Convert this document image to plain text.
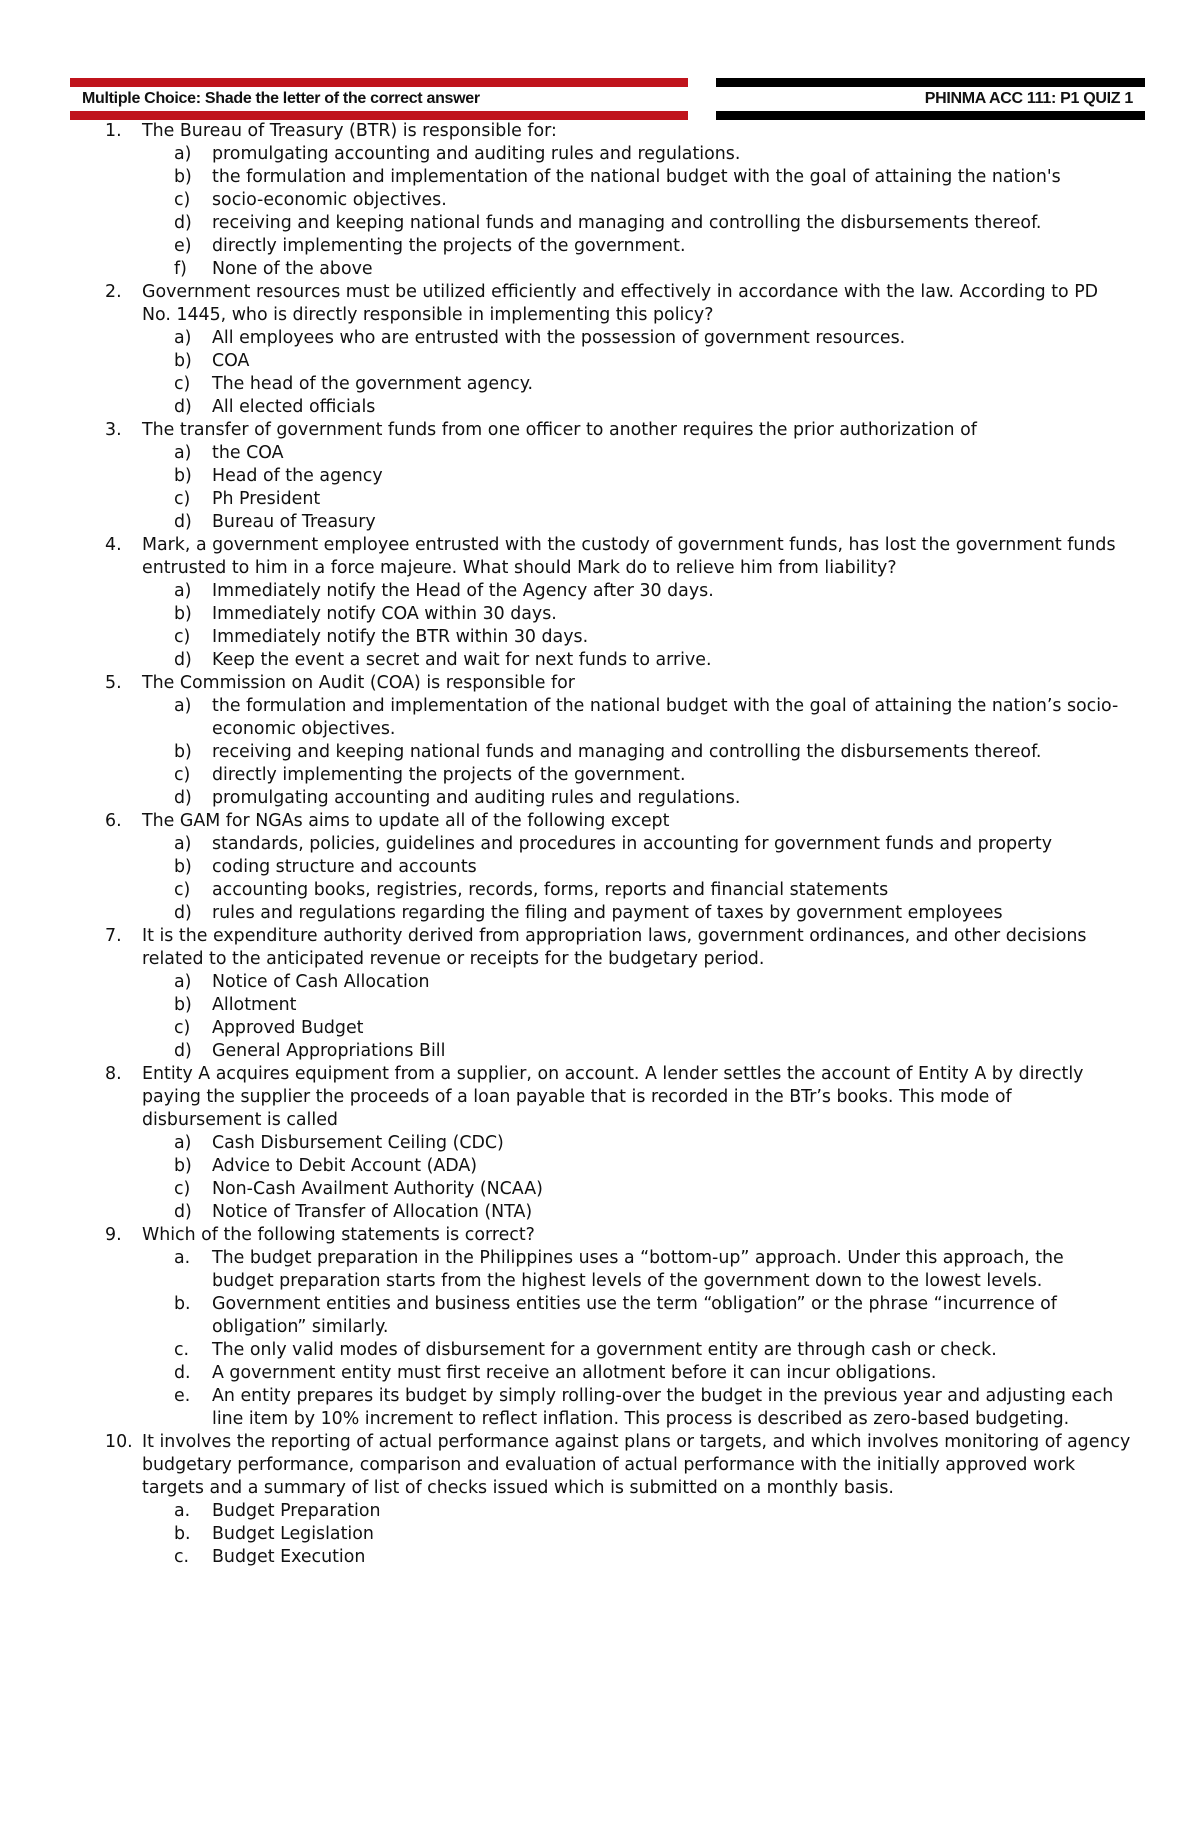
Multiple Choice: Shade the letter of the correct answer	PHINMA ACC 111: P1 QUIZ 1
1. The Bureau of Treasury (BTR) is responsible for:
a) promulgating accounting and auditing rules and regulations.
b) the formulation and implementation of the national budget with the goal of attaining the nation's
c) socio-economic objectives.
d) receiving and keeping national funds and managing and controlling the disbursements thereof.
e) directly implementing the projects of the government.
f) None of the above
2. Government resources must be utilized efficiently and effectively in accordance with the law. According to PD No. 1445, who is directly responsible in implementing this policy?
a) All employees who are entrusted with the possession of government resources.
b) COA
c) The head of the government agency.
d) All elected officials
3. The transfer of government funds from one officer to another requires the prior authorization of
a) the COA
b) Head of the agency
c) Ph President
d) Bureau of Treasury
4. Mark, a government employee entrusted with the custody of government funds, has lost the government funds entrusted to him in a force majeure. What should Mark do to relieve him from liability?
a) Immediately notify the Head of the Agency after 30 days.
b) Immediately notify COA within 30 days.
c) Immediately notify the BTR within 30 days.
d) Keep the event a secret and wait for next funds to arrive.
5. The Commission on Audit (COA) is responsible for
a) the formulation and implementation of the national budget with the goal of attaining the nation’s socio-economic objectives.
b) receiving and keeping national funds and managing and controlling the disbursements thereof.
c) directly implementing the projects of the government.
d) promulgating accounting and auditing rules and regulations.
6. The GAM for NGAs aims to update all of the following except
a) standards, policies, guidelines and procedures in accounting for government funds and property
b) coding structure and accounts
c) accounting books, registries, records, forms, reports and financial statements
d) rules and regulations regarding the filing and payment of taxes by government employees
7. It is the expenditure authority derived from appropriation laws, government ordinances, and other decisions related to the anticipated revenue or receipts for the budgetary period.
a) Notice of Cash Allocation
b) Allotment
c) Approved Budget
d) General Appropriations Bill
8. Entity A acquires equipment from a supplier, on account. A lender settles the account of Entity A by directly paying the supplier the proceeds of a loan payable that is recorded in the BTr’s books. This mode of disbursement is called
a) Cash Disbursement Ceiling (CDC)
b) Advice to Debit Account (ADA)
c) Non-Cash Availment Authority (NCAA)
d) Notice of Transfer of Allocation (NTA)
9. Which of the following statements is correct?
a. The budget preparation in the Philippines uses a “bottom-up” approach. Under this approach, the budget preparation starts from the highest levels of the government down to the lowest levels.
b. Government entities and business entities use the term “obligation” or the phrase “incurrence of obligation” similarly.
c. The only valid modes of disbursement for a government entity are through cash or check.
d. A government entity must first receive an allotment before it can incur obligations.
e. An entity prepares its budget by simply rolling-over the budget in the previous year and adjusting each line item by 10% increment to reflect inflation. This process is described as zero-based budgeting.
10. It involves the reporting of actual performance against plans or targets, and which involves monitoring of agency budgetary performance, comparison and evaluation of actual performance with the initially approved work targets and a summary of list of checks issued which is submitted on a monthly basis.
a. Budget Preparation
b. Budget Legislation
c. Budget Execution
